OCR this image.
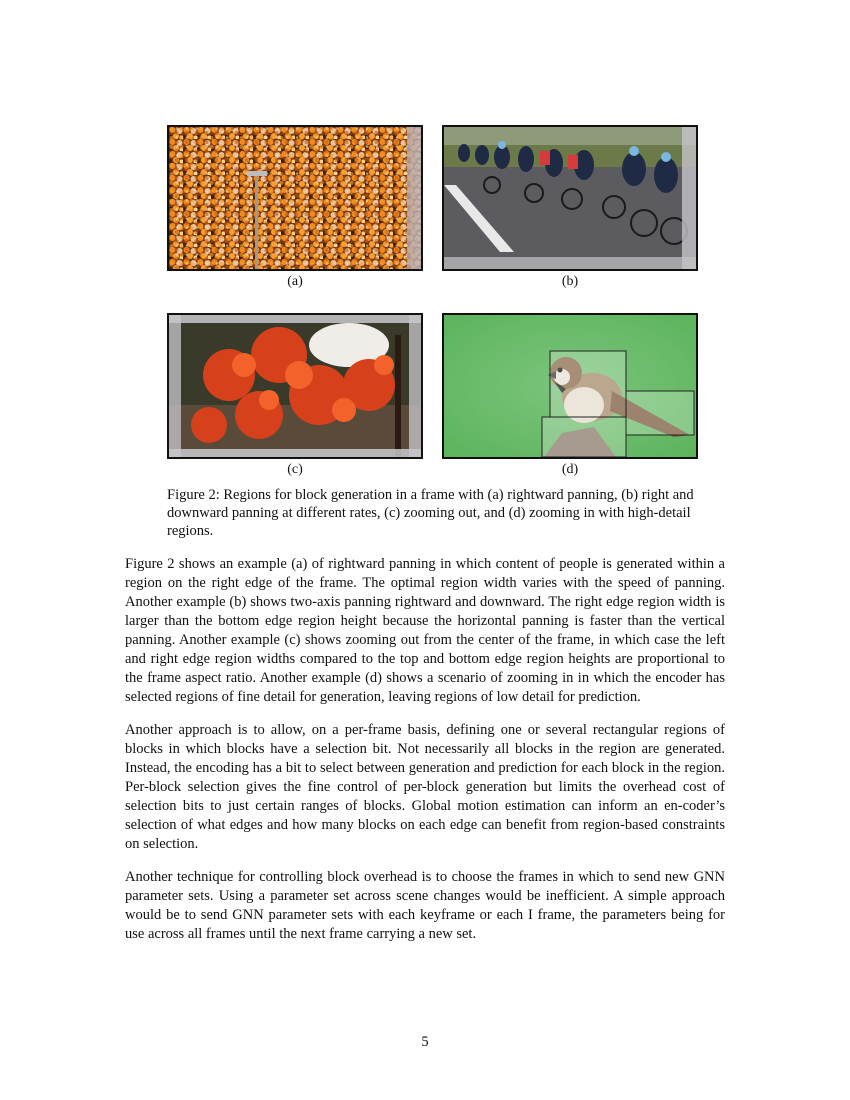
(a)	(b)
(c)	(d)
Figure 2: Regions for block generation in a frame with (a) rightward panning, (b) right and downward panning at different rates, (c) zooming out, and (d) zooming in with high-detail regions.

Figure 2 shows an example (a) of rightward panning in which content of people is generated within a region on the right edge of the frame. The optimal region width varies with the speed of panning. Another example (b) shows two-axis panning rightward and downward. The right edge region width is larger than the bottom edge region height because the horizontal panning is faster than the vertical panning. Another example (c) shows zooming out from the center of the frame, in which case the left and right edge region widths compared to the top and bottom edge region heights are proportional to the frame aspect ratio. Another example (d) shows a scenario of zooming in in which the encoder has selected regions of fine detail for generation, leaving regions of low detail for prediction.

Another approach is to allow, on a per-frame basis, defining one or several rectangular regions of blocks in which blocks have a selection bit. Not necessarily all blocks in the region are generated. Instead, the encoding has a bit to select between generation and prediction for each block in the region. Per-block selection gives the fine control of per-block generation but limits the overhead cost of selection bits to just certain ranges of blocks. Global motion estimation can inform an en-coder’s selection of what edges and how many blocks on each edge can benefit from region-based constraints on selection.

Another technique for controlling block overhead is to choose the frames in which to send new GNN parameter sets. Using a parameter set across scene changes would be inefficient. A simple approach would be to send GNN parameter sets with each keyframe or each I frame, the parameters being for use across all frames until the next frame carrying a new set.

5
